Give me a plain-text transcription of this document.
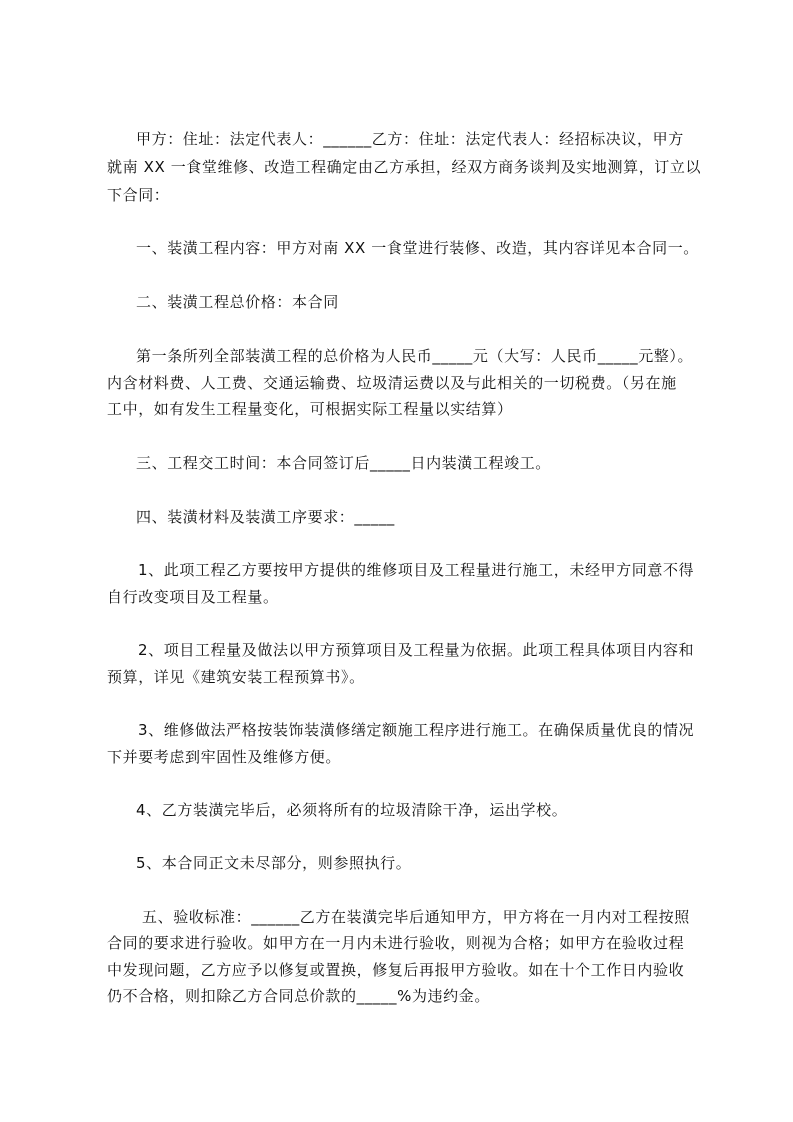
甲方：住址：法定代表人：______乙方：住址：法定代表人：经招标决议，甲方

就南 XX 一食堂维修、改造工程确定由乙方承担，经双方商务谈判及实地测算，订立以

下合同：

一、装潢工程内容：甲方对南 XX 一食堂进行装修、改造，其内容详见本合同一。

二、装潢工程总价格：本合同

第一条所列全部装潢工程的总价格为人民币_____元（大写：人民币_____元整）。

内含材料费、人工费、交通运输费、垃圾清运费以及与此相关的一切税费。（另在施

工中，如有发生工程量变化，可根据实际工程量以实结算）

三、工程交工时间：本合同签订后_____日内装潢工程竣工。

四、装潢材料及装潢工序要求：_____

1、此项工程乙方要按甲方提供的维修项目及工程量进行施工，未经甲方同意不得

自行改变项目及工程量。

2、项目工程量及做法以甲方预算项目及工程量为依据。此项工程具体项目内容和

预算，详见《建筑安装工程预算书》。

3、维修做法严格按装饰装潢修缮定额施工程序进行施工。在确保质量优良的情况

下并要考虑到牢固性及维修方便。

4、乙方装潢完毕后，必须将所有的垃圾清除干净，运出学校。

5、本合同正文未尽部分，则参照执行。

五、验收标准：______乙方在装潢完毕后通知甲方，甲方将在一月内对工程按照

合同的要求进行验收。如甲方在一月内未进行验收，则视为合格；如甲方在验收过程

中发现问题，乙方应予以修复或置换，修复后再报甲方验收。如在十个工作日内验收

仍不合格，则扣除乙方合同总价款的_____%为违约金。
